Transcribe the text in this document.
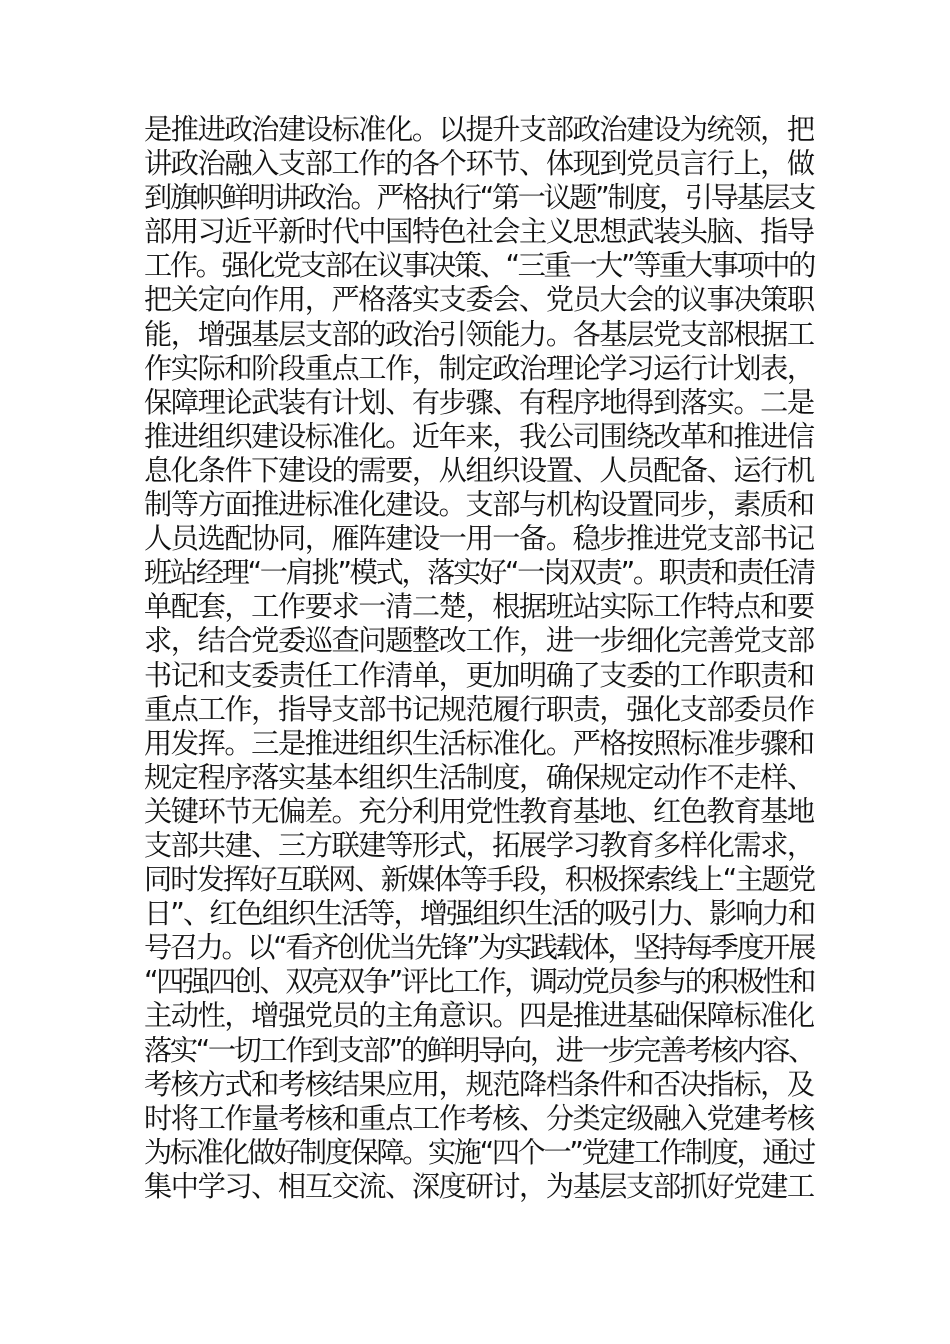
是推进政治建设标准化。以提升支部政治建设为统领，把
讲政治融入支部工作的各个环节、体现到党员言行上，做
到旗帜鲜明讲政治。严格执行“第一议题”制度，引导基层支
部用习近平新时代中国特色社会主义思想武装头脑、指导
工作。强化党支部在议事决策、“三重一大”等重大事项中的
把关定向作用，严格落实支委会、党员大会的议事决策职
能，增强基层支部的政治引领能力。各基层党支部根据工
作实际和阶段重点工作，制定政治理论学习运行计划表，
保障理论武装有计划、有步骤、有程序地得到落实。二是
推进组织建设标准化。近年来，我公司围绕改革和推进信
息化条件下建设的需要，从组织设置、人员配备、运行机
制等方面推进标准化建设。支部与机构设置同步，素质和
人员选配协同，雁阵建设一用一备。稳步推进党支部书记
班站经理“一肩挑”模式，落实好“一岗双责”。职责和责任清
单配套，工作要求一清二楚，根据班站实际工作特点和要
求，结合党委巡查问题整改工作，进一步细化完善党支部
书记和支委责任工作清单，更加明确了支委的工作职责和
重点工作，指导支部书记规范履行职责，强化支部委员作
用发挥。三是推进组织生活标准化。严格按照标准步骤和
规定程序落实基本组织生活制度，确保规定动作不走样、
关键环节无偏差。充分利用党性教育基地、红色教育基地
支部共建、三方联建等形式，拓展学习教育多样化需求，
同时发挥好互联网、新媒体等手段，积极探索线上“主题党
日”、红色组织生活等，增强组织生活的吸引力、影响力和
号召力。以“看齐创优当先锋”为实践载体，坚持每季度开展
“四强四创、双亮双争”评比工作，调动党员参与的积极性和
主动性，增强党员的主角意识。四是推进基础保障标准化
落实“一切工作到支部”的鲜明导向，进一步完善考核内容、
考核方式和考核结果应用，规范降档条件和否决指标，及
时将工作量考核和重点工作考核、分类定级融入党建考核
为标准化做好制度保障。实施“四个一”党建工作制度，通过
集中学习、相互交流、深度研讨，为基层支部抓好党建工
